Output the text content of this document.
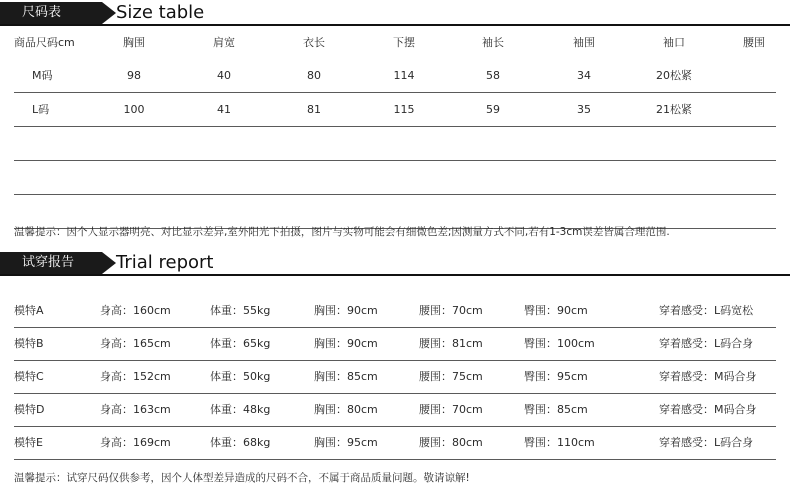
尺码表	Size table
商品尺码cm	胸围	肩宽	衣长	下摆	袖长	袖围	袖口	腰围
M码	98	40	80	114	58	34	20松紧
L码	100	41	81	115	59	35	21松紧
温馨提示：因个人显示器明亮、对比显示差异,室外阳光下拍摄，图片与实物可能会有细微色差;因测量方式不同,若有1-3cm误差皆属合理范围.
试穿报告	Trial report
模特A	身高：160cm	体重：55kg	胸围：90cm	腰围：70cm	臀围：90cm	穿着感受：L码宽松
模特B	身高：165cm	体重：65kg	胸围：90cm	腰围：81cm	臀围：100cm	穿着感受：L码合身
模特C	身高：152cm	体重：50kg	胸围：85cm	腰围：75cm	臀围：95cm	穿着感受：M码合身
模特D	身高：163cm	体重：48kg	胸围：80cm	腰围：70cm	臀围：85cm	穿着感受：M码合身
模特E	身高：169cm	体重：68kg	胸围：95cm	腰围：80cm	臀围：110cm	穿着感受：L码合身
温馨提示：试穿尺码仅供参考，因个人体型差异造成的尺码不合，不属于商品质量问题。敬请谅解!
